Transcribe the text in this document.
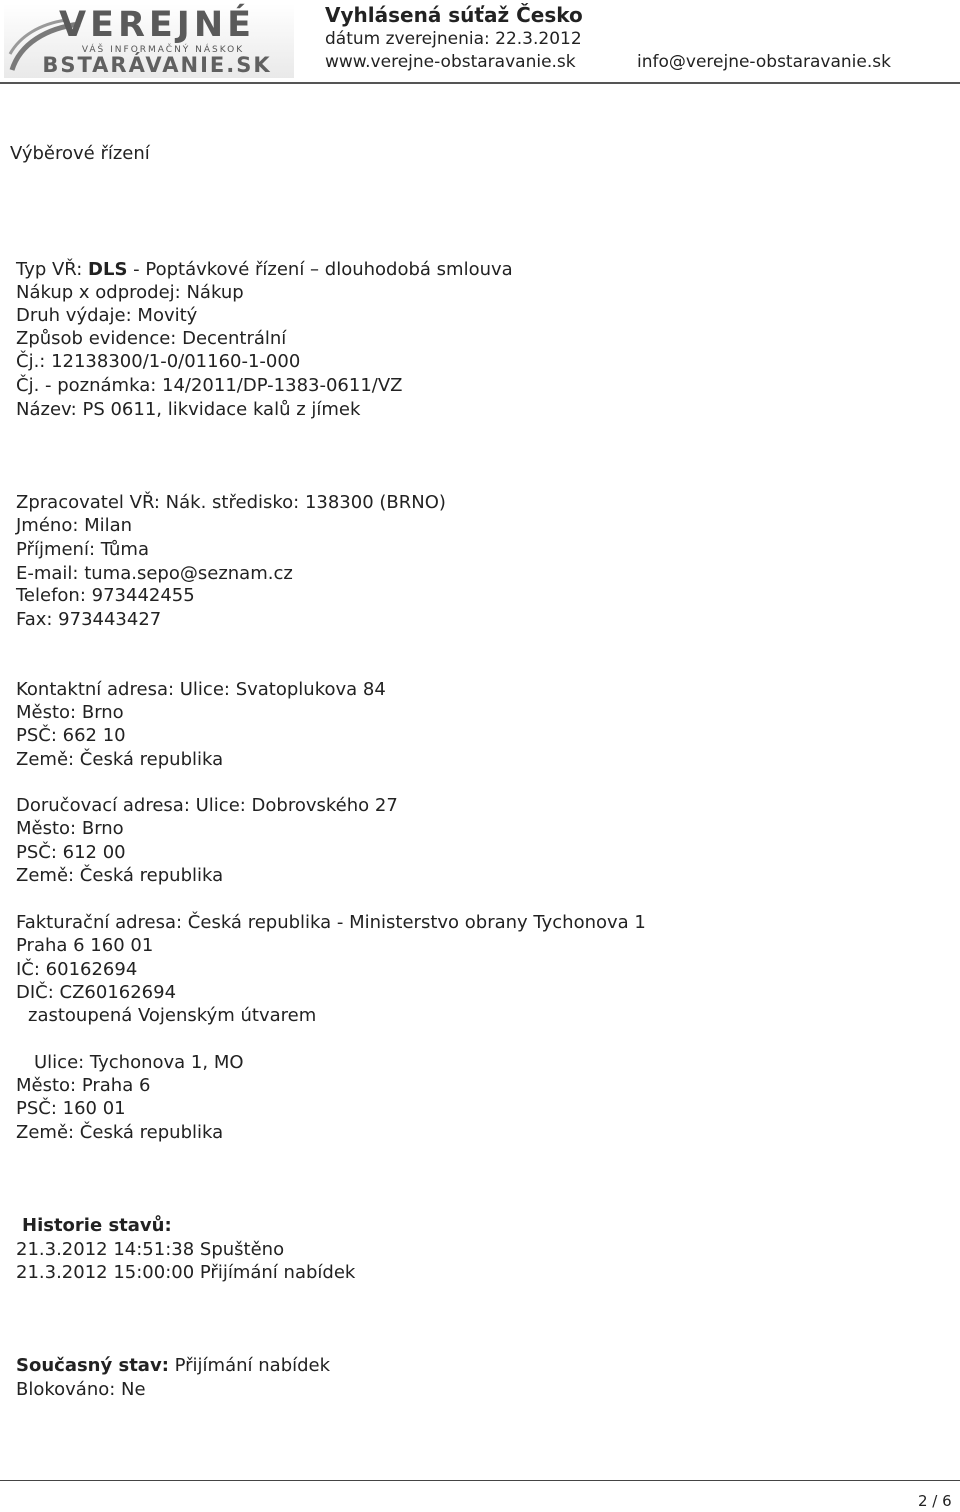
VEREJNÉ
VÁŠ INFORMAČNÝ NÁSKOK
BSTARÁVANIE.SK
Vyhlásená súťaž Česko
dátum zverejnenia: 22.3.2012
www.verejne-obstaravanie.sk	info@verejne-obstaravanie.sk
Výběrové řízení
Typ VŘ: DLS - Poptávkové řízení – dlouhodobá smlouva
Nákup x odprodej: Nákup
Druh výdaje: Movitý
Způsob evidence: Decentrální
Čj.: 12138300/1-0/01160-1-000
Čj. - poznámka: 14/2011/DP-1383-0611/VZ
Název: PS 0611, likvidace kalů z jímek
Zpracovatel VŘ: Nák. středisko: 138300 (BRNO)
Jméno: Milan
Příjmení: Tůma
E-mail: tuma.sepo@seznam.cz
Telefon: 973442455
Fax: 973443427
Kontaktní adresa: Ulice: Svatoplukova 84
Město: Brno
PSČ: 662 10
Země: Česká republika
Doručovací adresa: Ulice: Dobrovského 27
Město: Brno
PSČ: 612 00
Země: Česká republika
Fakturační adresa: Česká republika - Ministerstvo obrany Tychonova 1
Praha 6 160 01
IČ: 60162694
DIČ: CZ60162694
zastoupená Vojenským útvarem
Ulice: Tychonova 1, MO
Město: Praha 6
PSČ: 160 01
Země: Česká republika
Historie stavů:
21.3.2012 14:51:38 Spuštěno
21.3.2012 15:00:00 Přijímání nabídek
Současný stav: Přijímání nabídek
Blokováno: Ne
2 / 6
